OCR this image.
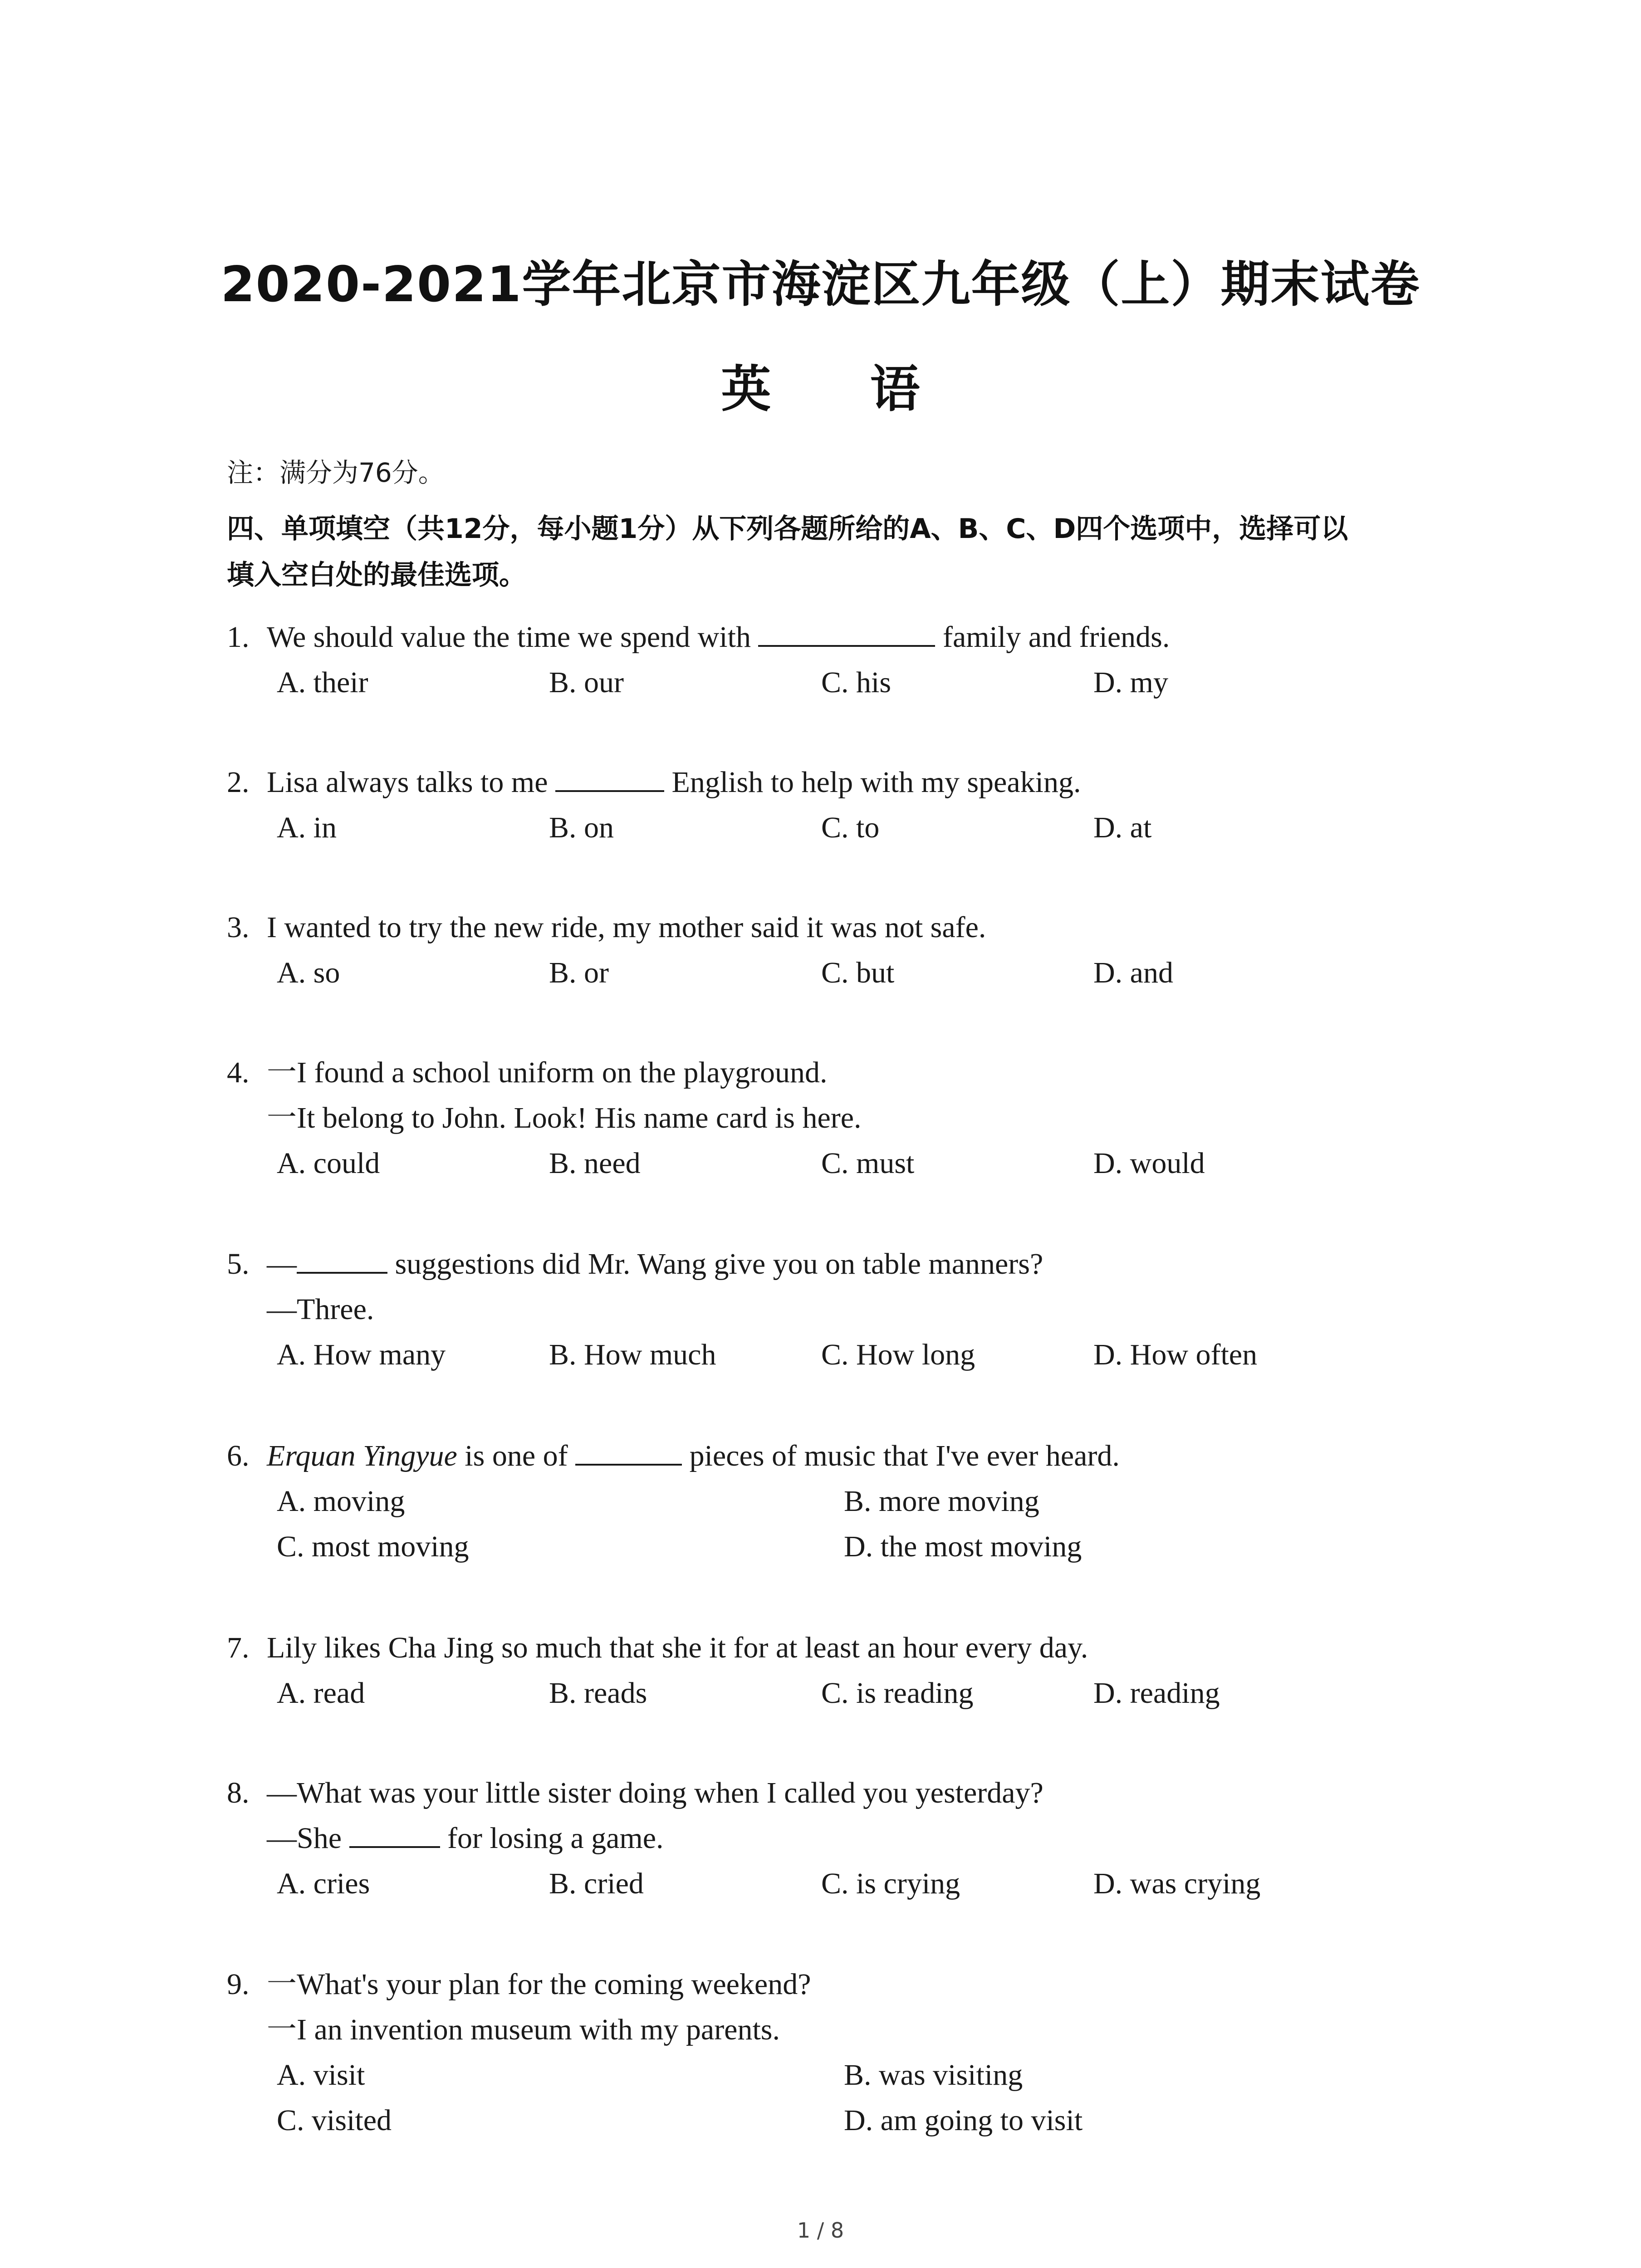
2020-2021学年北京市海淀区九年级（上）期末试卷
英 语
注：满分为76分。
四、单项填空（共12分，每小题1分）从下列各题所给的A、B、C、D四个选项中，选择可以
填入空白处的最佳选项。
1. We should value the time we spend with	family and friends.
A. their	B. our	C. his	D. my
2. Lisa always talks to me	English to help with my speaking.
A. in	B. on	C. to	D. at
3. I wanted to try the new ride, my mother said it was not safe.
A. so	B. or	C. but	D. and
4. 一I found a school uniform on the playground.
一It belong to John. Look! His name card is here.
A. could	B. need	C. must	D. would
5. —	suggestions did Mr. Wang give you on table manners?
—Three.
A. How many	B. How much	C. How long	D. How often
6. Erquan Yingyue is one of	pieces of music that I've ever heard.
A. moving	B. more moving
C. most moving	D. the most moving
7. Lily likes Cha Jing so much that she it for at least an hour every day.
A. read	B. reads	C. is reading	D. reading
8. —What was your little sister doing when I called you yesterday?
—She	for losing a game.
A. cries	B. cried	C. is crying	D. was crying
9. 一What's your plan for the coming weekend?
一I an invention museum with my parents.
A. visit	B. was visiting
C. visited	D. am going to visit
1 / 8
